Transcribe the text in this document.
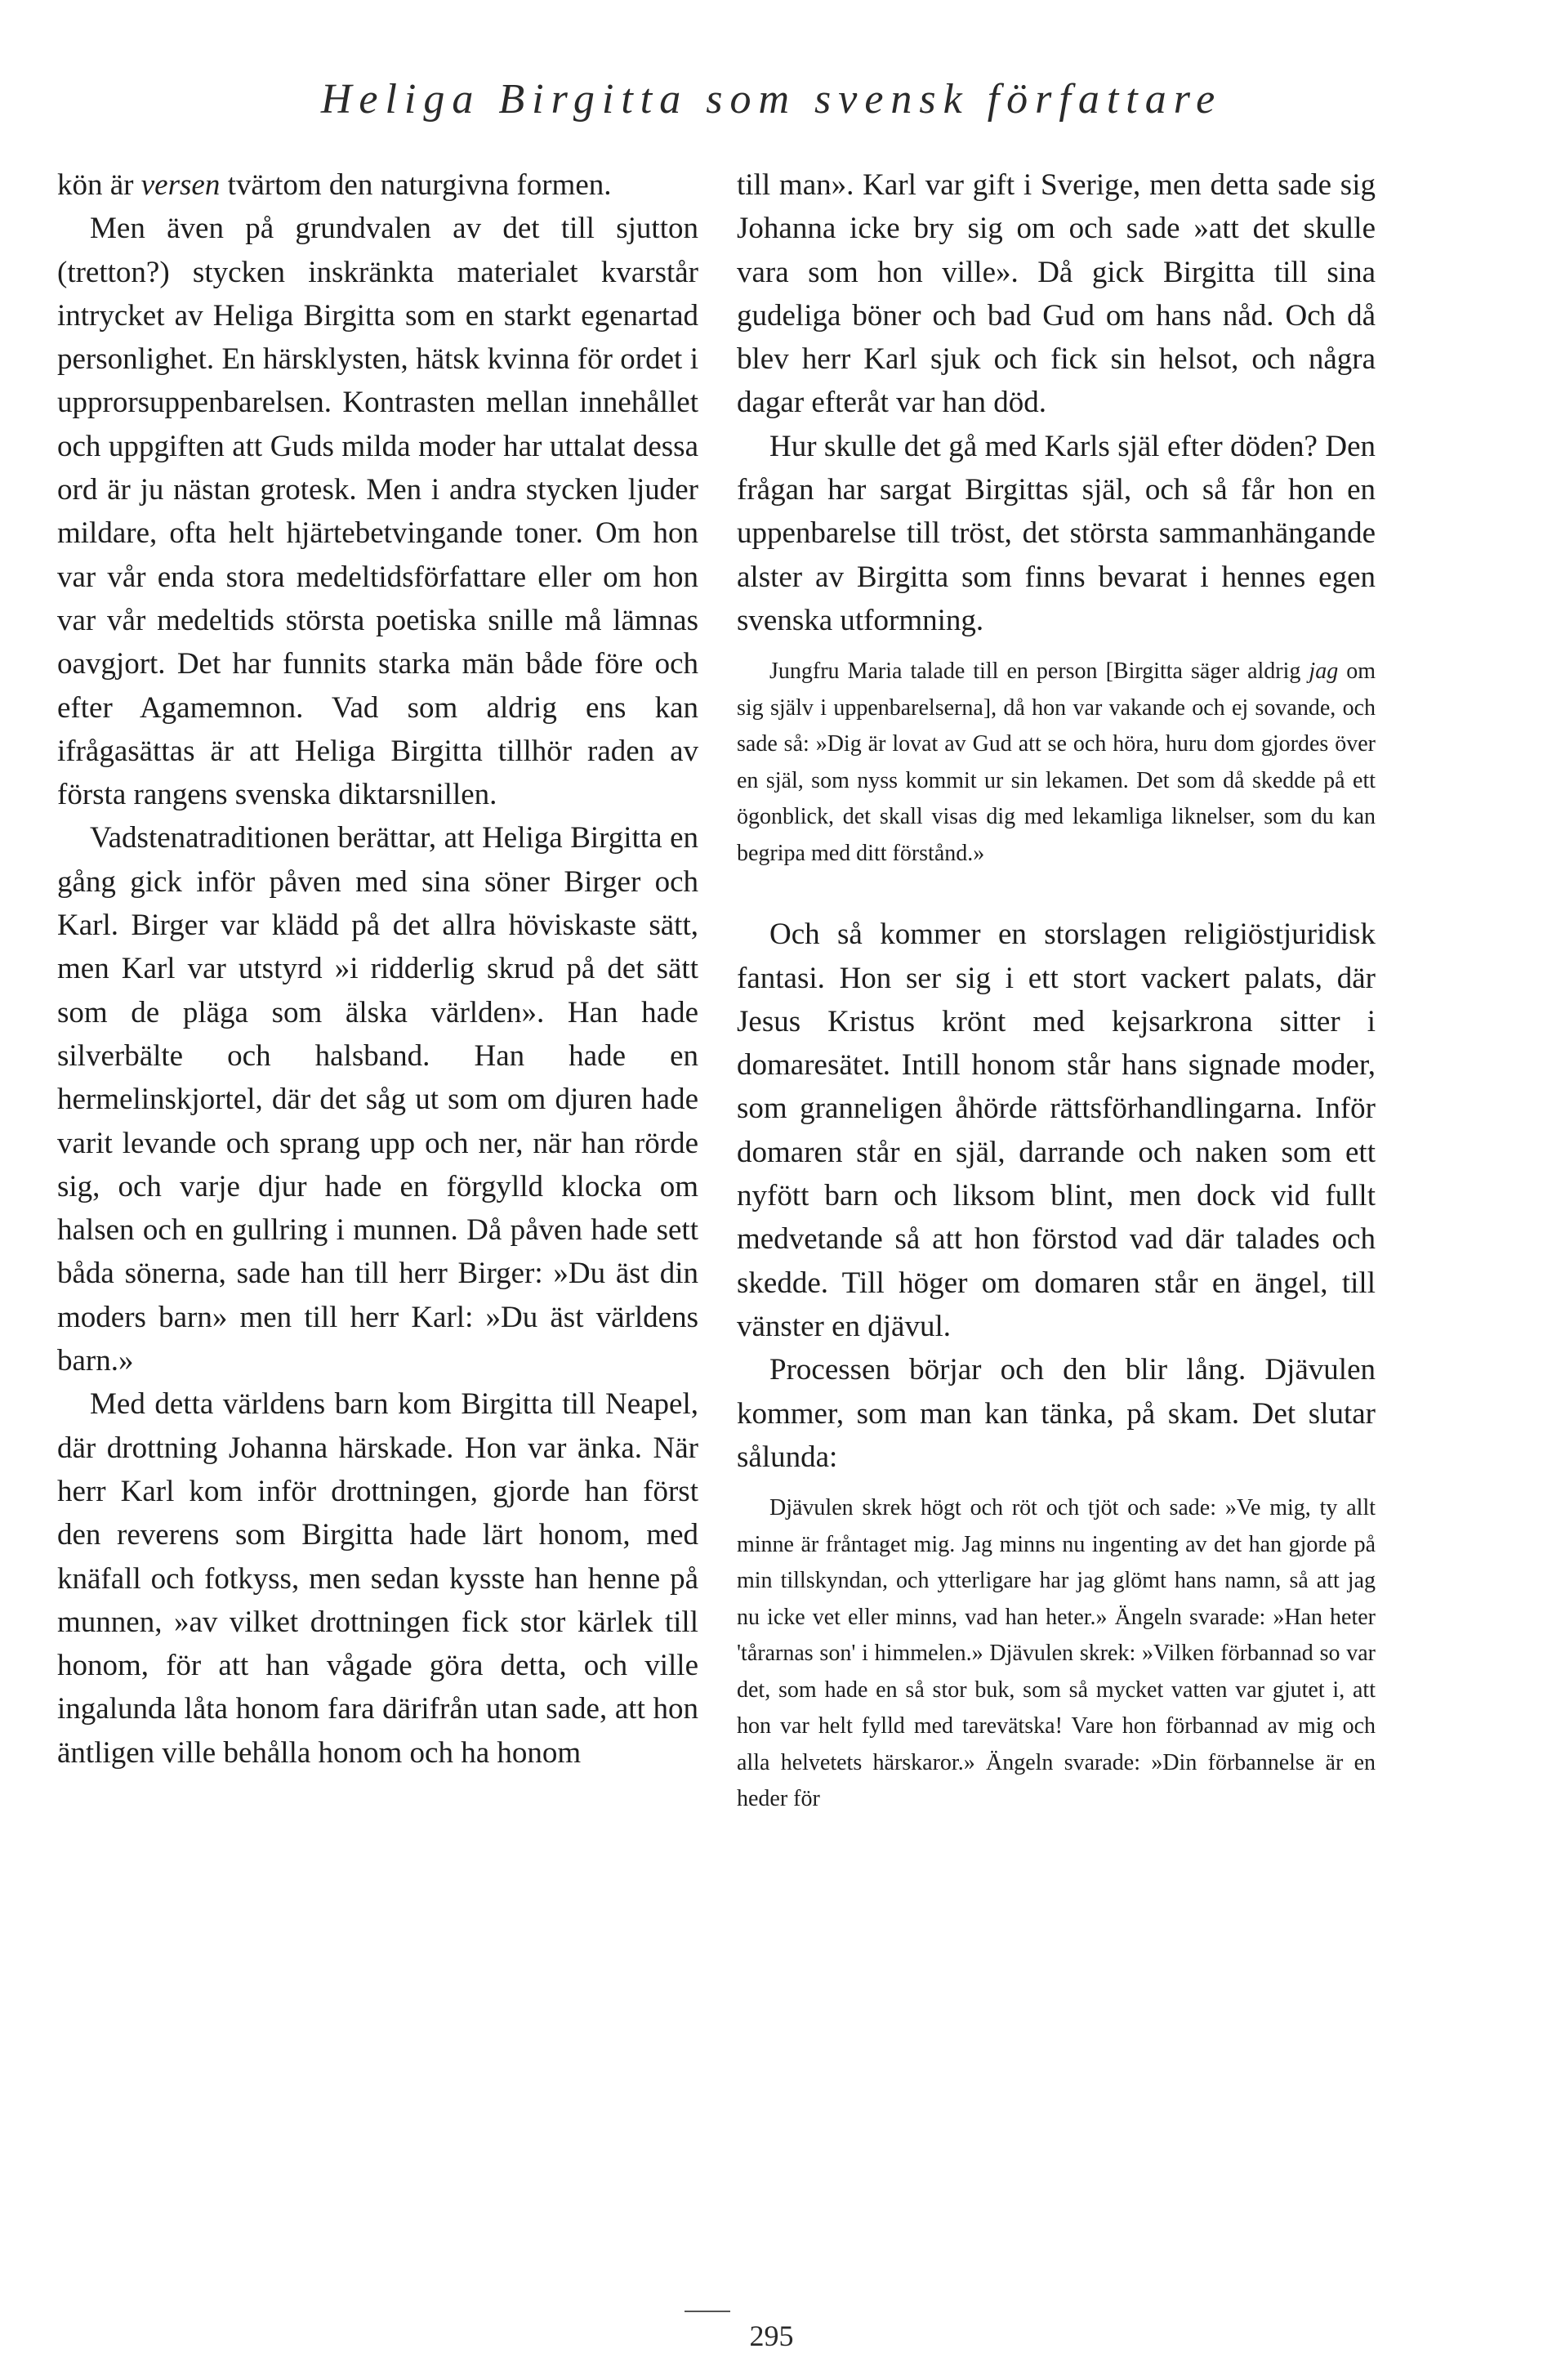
Heliga Birgitta som svensk författare

kön är versen tvärtom den naturgivna formen.

Men även på grundvalen av det till sjutton (tretton?) stycken inskränkta materialet kvarstår intrycket av Heliga Birgitta som en starkt egenartad personlighet. En härsklysten, hätsk kvinna för ordet i upprorsuppenbarelsen. Kontrasten mellan innehållet och uppgiften att Guds milda moder har uttalat dessa ord är ju nästan grotesk. Men i andra stycken ljuder mildare, ofta helt hjärtebetvingande toner. Om hon var vår enda stora medeltidsförfattare eller om hon var vår medeltids största poetiska snille må lämnas oavgjort. Det har funnits starka män både före och efter Agamemnon. Vad som aldrig ens kan ifrågasättas är att Heliga Birgitta tillhör raden av första rangens svenska diktarsnillen.

Vadstenatraditionen berättar, att Heliga Birgitta en gång gick inför påven med sina söner Birger och Karl. Birger var klädd på det allra höviskaste sätt, men Karl var utstyrd »i ridderlig skrud på det sätt som de pläga som älska världen». Han hade silverbälte och halsband. Han hade en hermelinskjortel, där det såg ut som om djuren hade varit levande och sprang upp och ner, när han rörde sig, och varje djur hade en förgylld klocka om halsen och en gullring i munnen. Då påven hade sett båda sönerna, sade han till herr Birger: »Du äst din moders barn» men till herr Karl: »Du äst världens barn.»

Med detta världens barn kom Birgitta till Neapel, där drottning Johanna härskade. Hon var änka. När herr Karl kom inför drottningen, gjorde han först den reverens som Birgitta hade lärt honom, med knäfall och fotkyss, men sedan kysste han henne på munnen, »av vilket drottningen fick stor kärlek till honom, för att han vågade göra detta, och ville ingalunda låta honom fara därifrån utan sade, att hon äntligen ville behålla honom och ha honom

till man». Karl var gift i Sverige, men detta sade sig Johanna icke bry sig om och sade »att det skulle vara som hon ville». Då gick Birgitta till sina gudeliga böner och bad Gud om hans nåd. Och då blev herr Karl sjuk och fick sin helsot, och några dagar efteråt var han död.

Hur skulle det gå med Karls själ efter döden? Den frågan har sargat Birgittas själ, och så får hon en uppenbarelse till tröst, det största sammanhängande alster av Birgitta som finns bevarat i hennes egen svenska utformning.

Jungfru Maria talade till en person [Birgitta säger aldrig jag om sig själv i uppenbarelserna], då hon var vakande och ej sovande, och sade så: »Dig är lovat av Gud att se och höra, huru dom gjordes över en själ, som nyss kommit ur sin lekamen. Det som då skedde på ett ögonblick, det skall visas dig med lekamliga liknelser, som du kan begripa med ditt förstånd.»

Och så kommer en storslagen religiöstjuridisk fantasi. Hon ser sig i ett stort vackert palats, där Jesus Kristus krönt med kejsarkrona sitter i domaresätet. Intill honom står hans signade moder, som granneligen åhörde rättsförhandlingarna. Inför domaren står en själ, darrande och naken som ett nyfött barn och liksom blint, men dock vid fullt medvetande så att hon förstod vad där talades och skedde. Till höger om domaren står en ängel, till vänster en djävul.

Processen börjar och den blir lång. Djävulen kommer, som man kan tänka, på skam. Det slutar sålunda:

Djävulen skrek högt och röt och tjöt och sade: »Ve mig, ty allt minne är fråntaget mig. Jag minns nu ingenting av det han gjorde på min tillskyndan, och ytterligare har jag glömt hans namn, så att jag nu icke vet eller minns, vad han heter.» Ängeln svarade: »Han heter 'tårarnas son' i himmelen.» Djävulen skrek: »Vilken förbannad so var det, som hade en så stor buk, som så mycket vatten var gjutet i, att hon var helt fylld med tarevätska! Vare hon förbannad av mig och alla helvetets härskaror.» Ängeln svarade: »Din förbannelse är en heder för

295
